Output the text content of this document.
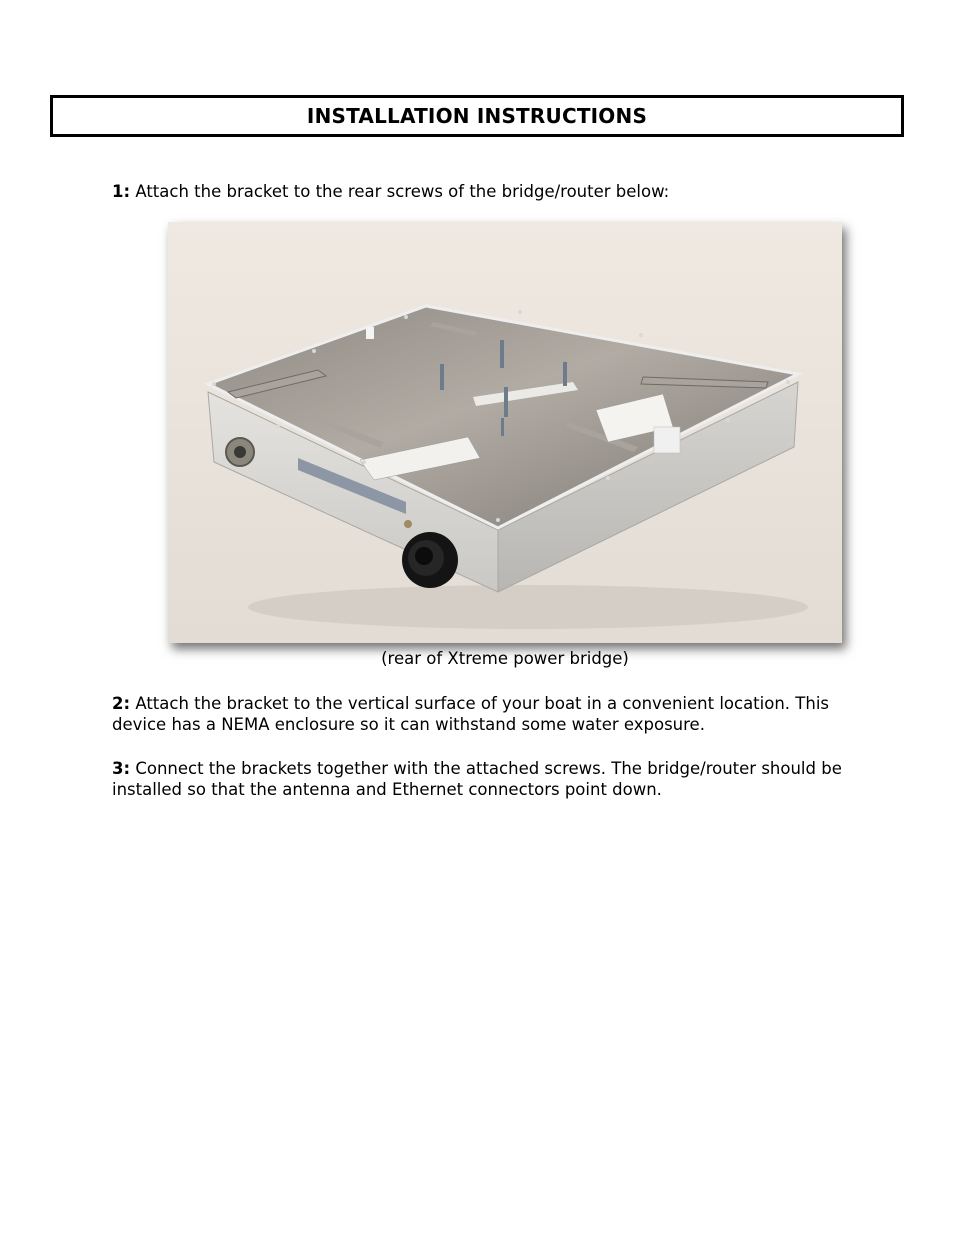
INSTALLATION INSTRUCTIONS
1: Attach the bracket to the rear screws of the bridge/router below:
(rear of Xtreme power bridge)
2: Attach the bracket to the vertical surface of your boat in a convenient location. This device has a NEMA enclosure so it can withstand some water exposure.
3: Connect the brackets together with the attached screws. The bridge/router should be installed so that the antenna and Ethernet connectors point down.
